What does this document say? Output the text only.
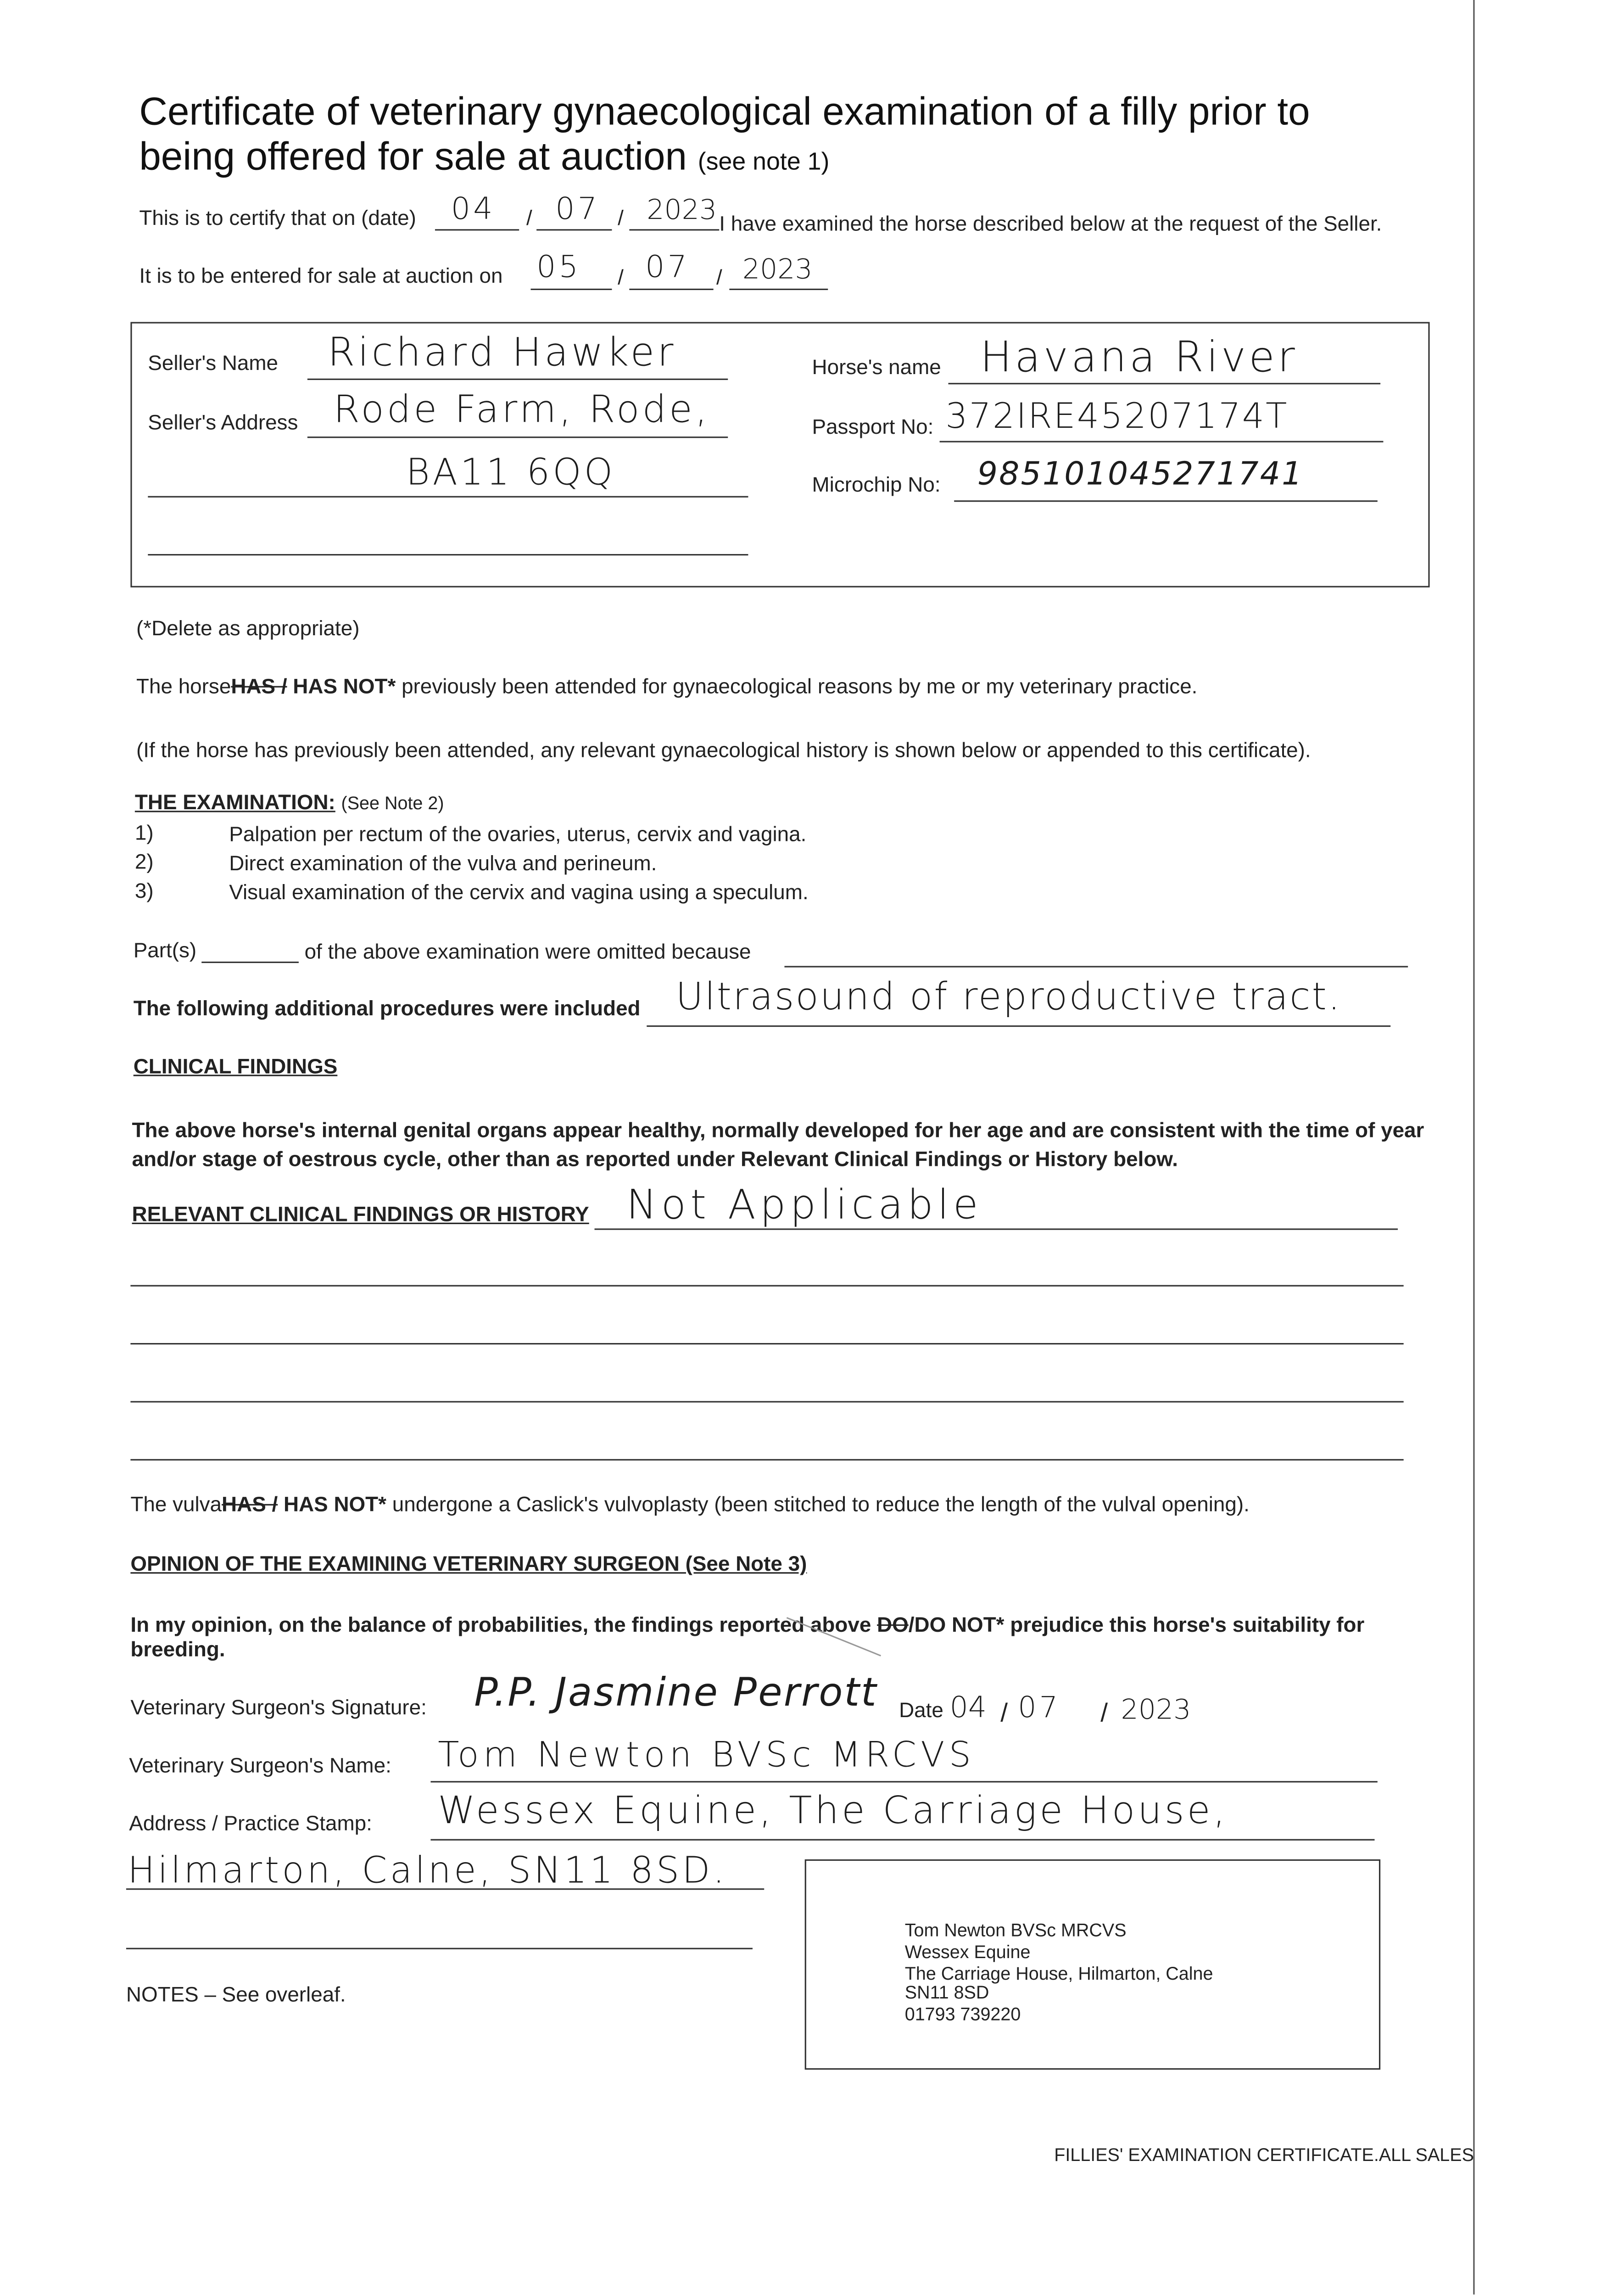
Certificate of veterinary gynaecological examination of a filly prior to
being offered for sale at auction (see note 1)
This is to certify that on (date)	04	/ 07	/	2023 I have examined the horse described below at the request of the Seller.
It is to be entered for sale at auction on	05	/ 07	/ 2023
Seller's Name	Richard Hawker
Seller's Address	Rode Farm, Rode,
BA11 6QQ
Horse's name	Havana River
Passport No: 372IRE45207174T
Microchip No:	985101045271741
(*Delete as appropriate)
The horseHAS / HAS NOT* previously been attended for gynaecological reasons by me or my veterinary practice.
(If the horse has previously been attended, any relevant gynaecological history is shown below or appended to this certificate).
THE EXAMINATION: (See Note 2)
1)	Palpation per rectum of the ovaries, uterus, cervix and vagina.
2)	Direct examination of the vulva and perineum.
3)	Visual examination of the cervix and vagina using a speculum.
Part(s)	of the above examination were omitted because
The following additional procedures were included	Ultrasound of reproductive tract.
CLINICAL FINDINGS
The above horse's internal genital organs appear healthy, normally developed for her age and are consistent with the time of year
and/or stage of oestrous cycle, other than as reported under Relevant Clinical Findings or History below.
RELEVANT CLINICAL FINDINGS OR HISTORY	Not Applicable
The vulvaHAS / HAS NOT* undergone a Caslick's vulvoplasty (been stitched to reduce the length of the vulval opening).
OPINION OF THE EXAMINING VETERINARY SURGEON (See Note 3)
In my opinion, on the balance of probabilities, the findings reported above DO/DO NOT* prejudice this horse's suitability for
breeding.
Veterinary Surgeon's Signature:	P.P. Jasmine Perrott	Date 04 / 07	/ 2023
Veterinary Surgeon's Name:	Tom Newton BVSc MRCVS
Address / Practice Stamp:	Wessex Equine, The Carriage House,
Hilmarton, Calne, SN11 8SD.
Tom Newton BVSc MRCVS
Wessex Equine
The Carriage House, Hilmarton, Calne
SN11 8SD
01793 739220
NOTES – See overleaf.
FILLIES' EXAMINATION CERTIFICATE.ALL SALES
